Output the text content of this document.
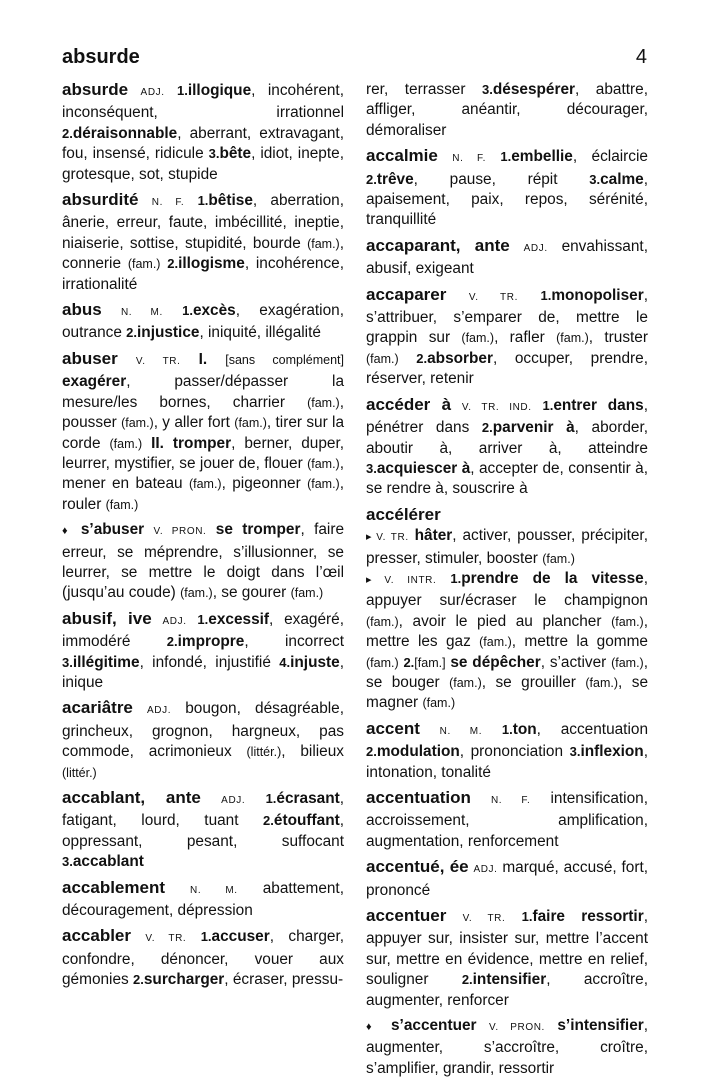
absurde	4
absurde ADJ. 1.illogique, incohérent, inconséquent, irrationnel 2.déraisonnable, aberrant, extravagant, fou, insensé, ridicule 3.bête, idiot, inepte, grotesque, sot, stupide
absurdité N. F. 1.bêtise, aberration, ânerie, erreur, faute, imbécillité, ineptie, niaiserie, sottise, stupidité, bourde (fam.), connerie (fam.) 2.illogisme, incohérence, irrationalité
abus N. M. 1.excès, exagération, outrance 2.injustice, iniquité, illégalité
abuser V. TR. I. [sans complément] exagérer, passer/dépasser la mesure/les bornes, charrier (fam.), pousser (fam.), y aller fort (fam.), tirer sur la corde (fam.) II. tromper, berner, duper, leurrer, mystifier, se jouer de, flouer (fam.), mener en bateau (fam.), pigeonner (fam.), rouler (fam.)
♦ s’abuser V. PRON. se tromper, faire erreur, se méprendre, s’illusionner, se leurrer, se mettre le doigt dans l’œil (jusqu’au coude) (fam.), se gourer (fam.)
abusif, ive ADJ. 1.excessif, exagéré, immodéré 2.impropre, incorrect 3.illégitime, infondé, injustifié 4.injuste, inique
acariâtre ADJ. bougon, désagréable, grincheux, grognon, hargneux, pas commode, acrimonieux (littér.), bilieux (littér.)
accablant, ante ADJ. 1.écrasant, fatigant, lourd, tuant 2.étouffant, oppressant, pesant, suffocant 3.accablant
accablement	N. M. abattement, découragement, dépression
accabler V. TR. 1.accuser, charger, confondre, dénoncer, vouer aux gémonies 2.surcharger, écraser, pressu-
rer, terrasser 3.désespérer, abattre, affliger, anéantir, décourager, démoraliser
accalmie N. F. 1.embellie, éclaircie 2.trêve, pause, répit 3.calme, apaisement, paix, repos, sérénité, tranquillité
accaparant, ante ADJ. envahissant, abusif, exigeant
accaparer V. TR. 1.monopoliser, s’attribuer, s’emparer de, mettre le grappin sur (fam.), rafler (fam.), truster (fam.) 2.absorber, occuper, prendre, réserver, retenir
accéder à V. TR. IND. 1.entrer dans, pénétrer dans 2.parvenir à, aborder, aboutir à, arriver à, atteindre 3.acquiescer à, accepter de, consentir à, se rendre à, souscrire à
accélérer
▸ V. TR. hâter, activer, pousser, précipiter, presser, stimuler, booster (fam.)
▸ V. INTR. 1.prendre de la vitesse, appuyer sur/écraser le champignon (fam.), avoir le pied au plancher (fam.), mettre les gaz (fam.), mettre la gomme (fam.) 2.[fam.] se dépêcher, s’activer (fam.), se bouger (fam.), se grouiller (fam.), se magner (fam.)
accent N. M. 1.ton, accentuation 2.modulation, prononciation 3.inflexion, intonation, tonalité
accentuation N. F. intensification, accroissement, amplification, augmentation, renforcement
accentué, ée ADJ. marqué, accusé, fort, prononcé
accentuer V. TR. 1.faire ressortir, appuyer sur, insister sur, mettre l’accent sur, mettre en évidence, mettre en relief, souligner 2.intensifier, accroître, augmenter, renforcer
♦ s’accentuer V. PRON. s’intensifier, augmenter, s’accroître, croître, s’amplifier, grandir, ressortir
